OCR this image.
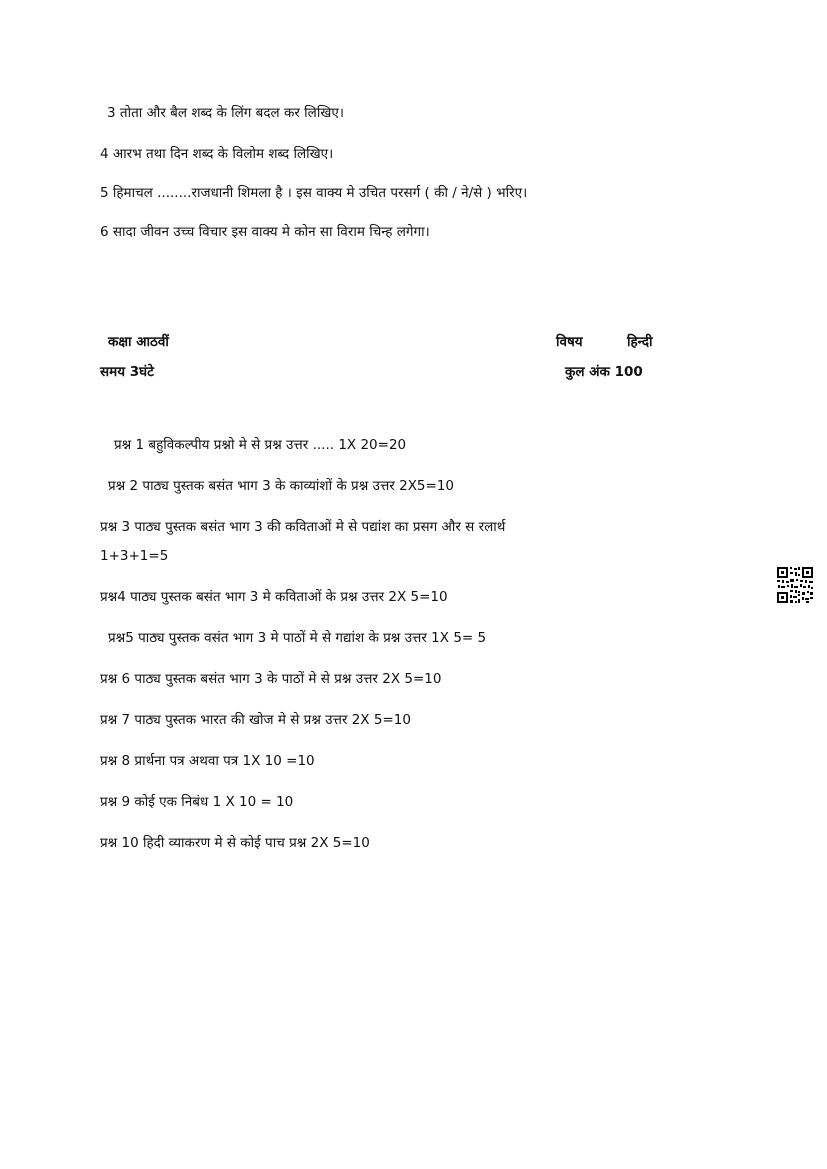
3 तोता और बैल शब्द के लिंग बदल कर लिखिए।

4 आरभ तथा दिन शब्द के विलोम शब्द लिखिए।

5 हिमाचल ........राजधानी शिमला है । इस वाक्य मे उचित परसर्ग ( की / ने/से ) भरिए।

6 सादा जीवन उच्च विचार इस वाक्य मे कोन सा विराम चिन्ह लगेगा।

कक्षा आठवीं	विषय	हिन्दी

समय 3घंटे	कुल अंक 100

प्रश्न 1 बहुविकल्पीय प्रश्नो मे से प्रश्न उत्तर ..... 1X 20=20

प्रश्न 2 पाठ्य पुस्तक बसंत भाग 3 के काव्यांशों के प्रश्न उत्तर 2X5=10

प्रश्न 3 पाठ्य पुस्तक बसंत भाग 3 की कविताओं मे से पद्यांश का प्रसग और स रलार्थ

1+3+1=5

प्रश्न4 पाठ्य पुस्तक बसंत भाग 3 मे कविताओं के प्रश्न उत्तर 2X 5=10

प्रश्न5 पाठ्य पुस्तक वसंत भाग 3 मे पाठों मे से गद्यांश के प्रश्न उत्तर 1X 5= 5

प्रश्न 6 पाठ्य पुस्तक बसंत भाग 3 के पाठों मे से प्रश्न उत्तर 2X 5=10

प्रश्न 7 पाठ्य पुस्तक भारत की खोज मे से प्रश्न उत्तर 2X 5=10

प्रश्न 8 प्रार्थना पत्र अथवा पत्र 1X 10 =10

प्रश्न 9 कोई एक निबंध 1 X 10 = 10

प्रश्न 10 हिदी व्याकरण मे से कोई पाच प्रश्न 2X 5=10
